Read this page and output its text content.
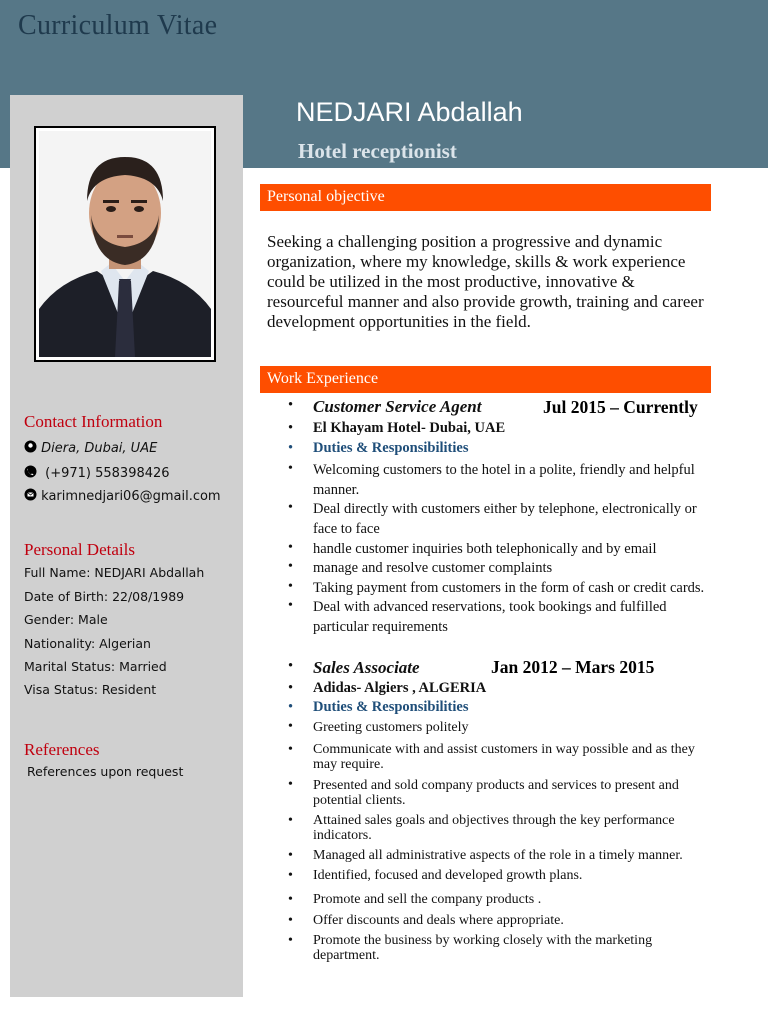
Curriculum Vitae
NEDJARI Abdallah
Hotel receptionist
Personal objective

Seeking a challenging position a progressive and dynamic organization, where my knowledge, skills & work experience could be utilized in the most productive, innovative & resourceful manner and also provide growth, training and career development opportunities in the field.

Contact Information
Diera, Dubai, UAE
(+971) 558398426
karimnedjari06@gmail.com
Personal Details
Full Name: NEDJARI Abdallah
Date of Birth: 22/08/1989
Gender: Male
Nationality: Algerian
Marital Status: Married
Visa Status: Resident
References
References upon request
Work Experience
• Customer Service Agent	Jul 2015 – Currently
• El Khayam Hotel- Dubai, UAE
• Duties & Responsibilities
• Welcoming customers to the hotel in a polite, friendly and helpful manner.
• Deal directly with customers either by telephone, electronically or face to face
• handle customer inquiries both telephonically and by email
• manage and resolve customer complaints
• Taking payment from customers in the form of cash or credit cards.
• Deal with advanced reservations, took bookings and fulfilled particular requirements
• Sales Associate	Jan 2012 – Mars 2015
• Adidas- Algiers , ALGERIA
• Duties & Responsibilities
• Greeting customers politely
• Communicate with and assist customers in way possible and as they may require.
• Presented and sold company products and services to present and potential clients.
• Attained sales goals and objectives through the key performance indicators.
• Managed all administrative aspects of the role in a timely manner.
• Identified, focused and developed growth plans.
• Promote and sell the company products .
• Offer discounts and deals where appropriate.
• Promote the business by working closely with the marketing department.
